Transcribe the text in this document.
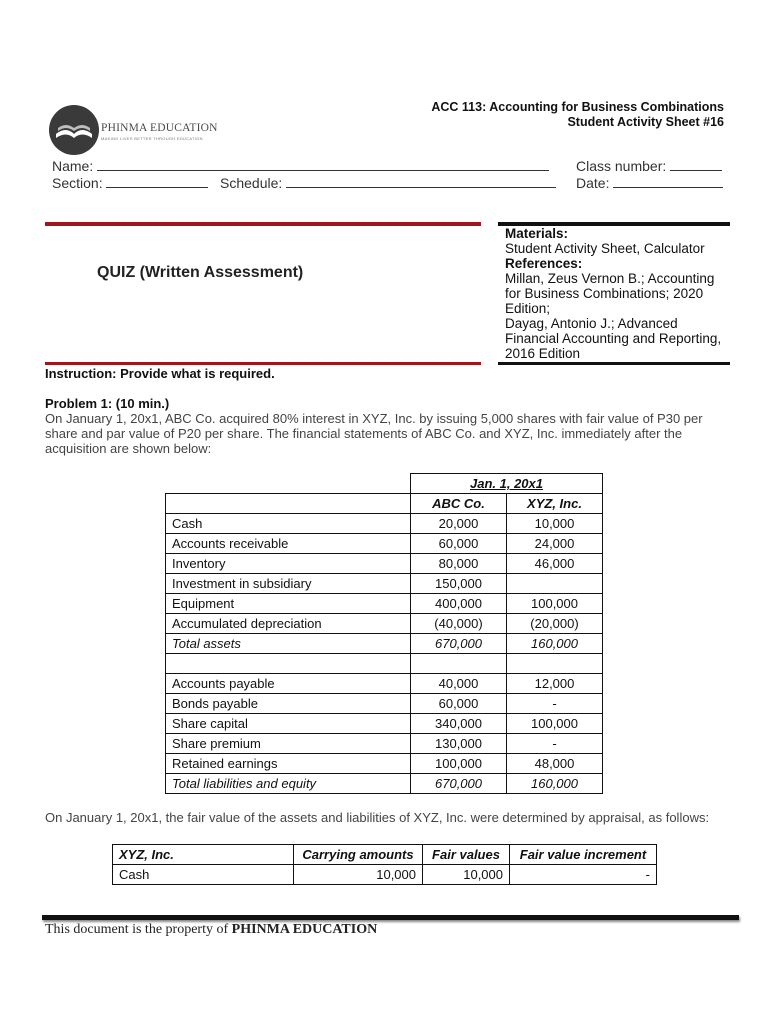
PHINMA EDUCATION
MAKING LIVES BETTER THROUGH EDUCATION
ACC 113: Accounting for Business Combinations
Student Activity Sheet #16
Name:	Class number:
Section:	Schedule:	Date:
QUIZ (Written Assessment)
Materials:
Student Activity Sheet, Calculator
References:
Millan, Zeus Vernon B.; Accounting for Business Combinations; 2020 Edition;
Dayag, Antonio J.; Advanced Financial Accounting and Reporting, 2016 Edition
Instruction: Provide what is required.
Problem 1: (10 min.)
On January 1, 20x1, ABC Co. acquired 80% interest in XYZ, Inc. by issuing 5,000 shares with fair value of P30 per share and par value of P20 per share. The financial statements of ABC Co. and XYZ, Inc. immediately after the acquisition are shown below:
	Jan. 1, 20x1	
	ABC Co.	XYZ, Inc.
Cash	20,000	10,000
Accounts receivable	60,000	24,000
Inventory	80,000	46,000
Investment in subsidiary	150,000	
Equipment	400,000	100,000
Accumulated depreciation	(40,000)	(20,000)
Total assets	670,000	160,000

Accounts payable	40,000	12,000
Bonds payable	60,000	-
Share capital	340,000	100,000
Share premium	130,000	-
Retained earnings	100,000	48,000
Total liabilities and equity	670,000	160,000
On January 1, 20x1, the fair value of the assets and liabilities of XYZ, Inc. were determined by appraisal, as follows:
XYZ, Inc.	Carrying amounts	Fair values	Fair value increment
Cash	10,000	10,000	-
This document is the property of PHINMA EDUCATION
